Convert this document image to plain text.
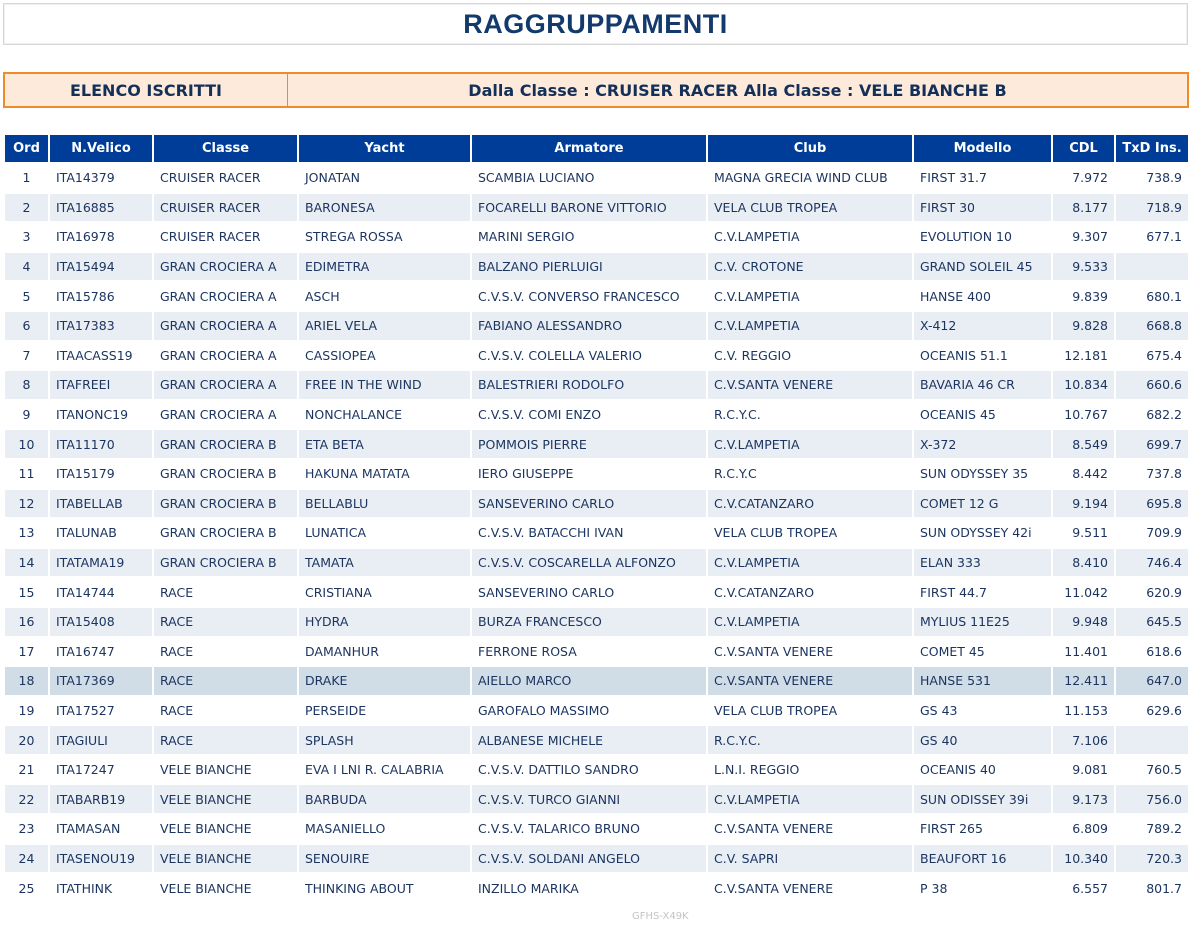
RAGGRUPPAMENTI
ELENCO ISCRITTI	Dalla Classe : CRUISER RACER Alla Classe : VELE BIANCHE B
Ord	N.Velico	Classe	Yacht	Armatore	Club	Modello	CDL	TxD Ins.
1	ITA14379	CRUISER RACER	JONATAN	SCAMBIA LUCIANO	MAGNA GRECIA WIND CLUB	FIRST 31.7	7.972	738.9
2	ITA16885	CRUISER RACER	BARONESA	FOCARELLI BARONE VITTORIO	VELA CLUB TROPEA	FIRST 30	8.177	718.9
3	ITA16978	CRUISER RACER	STREGA ROSSA	MARINI SERGIO	C.V.LAMPETIA	EVOLUTION 10	9.307	677.1
4	ITA15494	GRAN CROCIERA A	EDIMETRA	BALZANO PIERLUIGI	C.V. CROTONE	GRAND SOLEIL 45	9.533	
5	ITA15786	GRAN CROCIERA A	ASCH	C.V.S.V. CONVERSO FRANCESCO	C.V.LAMPETIA	HANSE 400	9.839	680.1
6	ITA17383	GRAN CROCIERA A	ARIEL VELA	FABIANO ALESSANDRO	C.V.LAMPETIA	X-412	9.828	668.8
7	ITAACASS19	GRAN CROCIERA A	CASSIOPEA	C.V.S.V. COLELLA VALERIO	C.V. REGGIO	OCEANIS 51.1	12.181	675.4
8	ITAFREEI	GRAN CROCIERA A	FREE IN THE WIND	BALESTRIERI RODOLFO	C.V.SANTA VENERE	BAVARIA 46 CR	10.834	660.6
9	ITANONC19	GRAN CROCIERA A	NONCHALANCE	C.V.S.V. COMI ENZO	R.C.Y.C.	OCEANIS 45	10.767	682.2
10	ITA11170	GRAN CROCIERA B	ETA BETA	POMMOIS PIERRE	C.V.LAMPETIA	X-372	8.549	699.7
11	ITA15179	GRAN CROCIERA B	HAKUNA MATATA	IERO GIUSEPPE	R.C.Y.C	SUN ODYSSEY 35	8.442	737.8
12	ITABELLAB	GRAN CROCIERA B	BELLABLU	SANSEVERINO CARLO	C.V.CATANZARO	COMET 12 G	9.194	695.8
13	ITALUNAB	GRAN CROCIERA B	LUNATICA	C.V.S.V. BATACCHI IVAN	VELA CLUB TROPEA	SUN ODYSSEY 42i	9.511	709.9
14	ITATAMA19	GRAN CROCIERA B	TAMATA	C.V.S.V. COSCARELLA ALFONZO	C.V.LAMPETIA	ELAN 333	8.410	746.4
15	ITA14744	RACE	CRISTIANA	SANSEVERINO CARLO	C.V.CATANZARO	FIRST 44.7	11.042	620.9
16	ITA15408	RACE	HYDRA	BURZA FRANCESCO	C.V.LAMPETIA	MYLIUS 11E25	9.948	645.5
17	ITA16747	RACE	DAMANHUR	FERRONE ROSA	C.V.SANTA VENERE	COMET 45	11.401	618.6
18	ITA17369	RACE	DRAKE	AIELLO MARCO	C.V.SANTA VENERE	HANSE 531	12.411	647.0
19	ITA17527	RACE	PERSEIDE	GAROFALO MASSIMO	VELA CLUB TROPEA	GS 43	11.153	629.6
20	ITAGIULI	RACE	SPLASH	ALBANESE MICHELE	R.C.Y.C.	GS 40	7.106	
21	ITA17247	VELE BIANCHE	EVA I LNI R. CALABRIA	C.V.S.V. DATTILO SANDRO	L.N.I. REGGIO	OCEANIS 40	9.081	760.5
22	ITABARB19	VELE BIANCHE	BARBUDA	C.V.S.V. TURCO GIANNI	C.V.LAMPETIA	SUN ODISSEY 39i	9.173	756.0
23	ITAMASAN	VELE BIANCHE	MASANIELLO	C.V.S.V. TALARICO BRUNO	C.V.SANTA VENERE	FIRST 265	6.809	789.2
24	ITASENOU19	VELE BIANCHE	SENOUIRE	C.V.S.V. SOLDANI ANGELO	C.V. SAPRI	BEAUFORT 16	10.340	720.3
25	ITATHINK	VELE BIANCHE	THINKING ABOUT	INZILLO MARIKA	C.V.SANTA VENERE	P 38	6.557	801.7
GFHS-X49K
